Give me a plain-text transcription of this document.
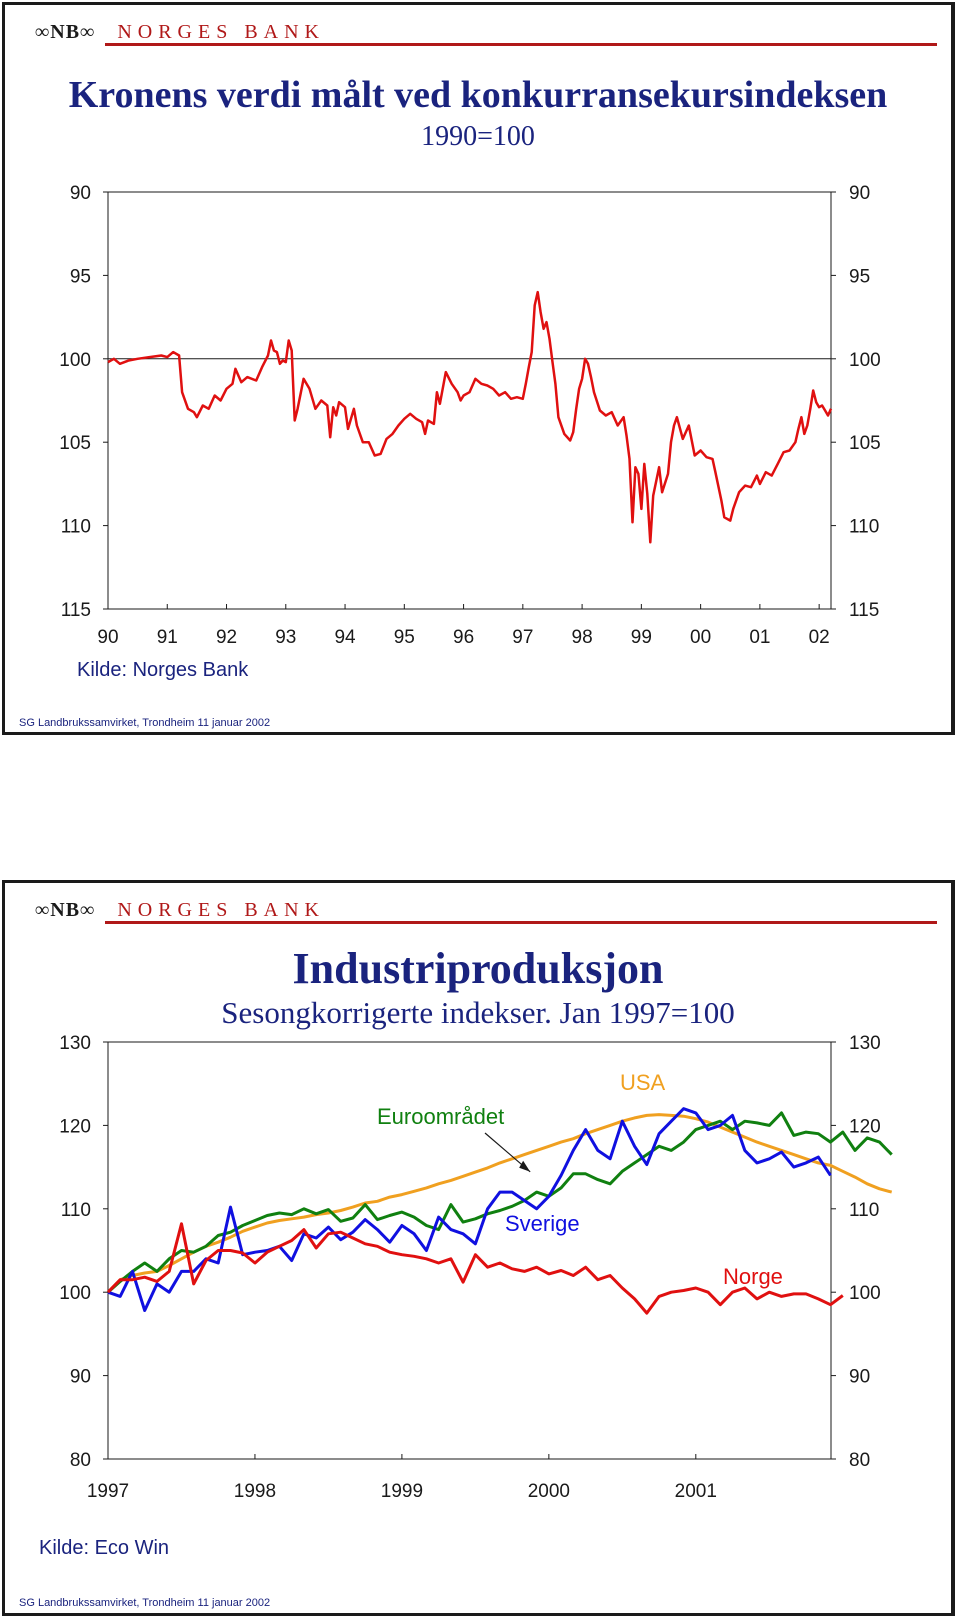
∞NB∞ NORGES BANK
Kronens verdi målt ved konkurransekursindeksen
1990=100
90	90
95	95
100	100
105	105
110	110
115	115
90 91 92 93 94 95 96 97 98 99 00 01 02
Kilde: Norges Bank
SG Landbrukssamvirket, Trondheim 11 januar 2002
∞NB∞ NORGES BANK
Industriproduksjon
Sesongkorrigerte indekser. Jan 1997=100
80	80
90	90
100	100
110	110
120	120
130	130
1997	1998	1999	2000	2001
USA
Euroområdet
Sverige
Norge
Kilde: Eco Win
SG Landbrukssamvirket, Trondheim 11 januar 2002
